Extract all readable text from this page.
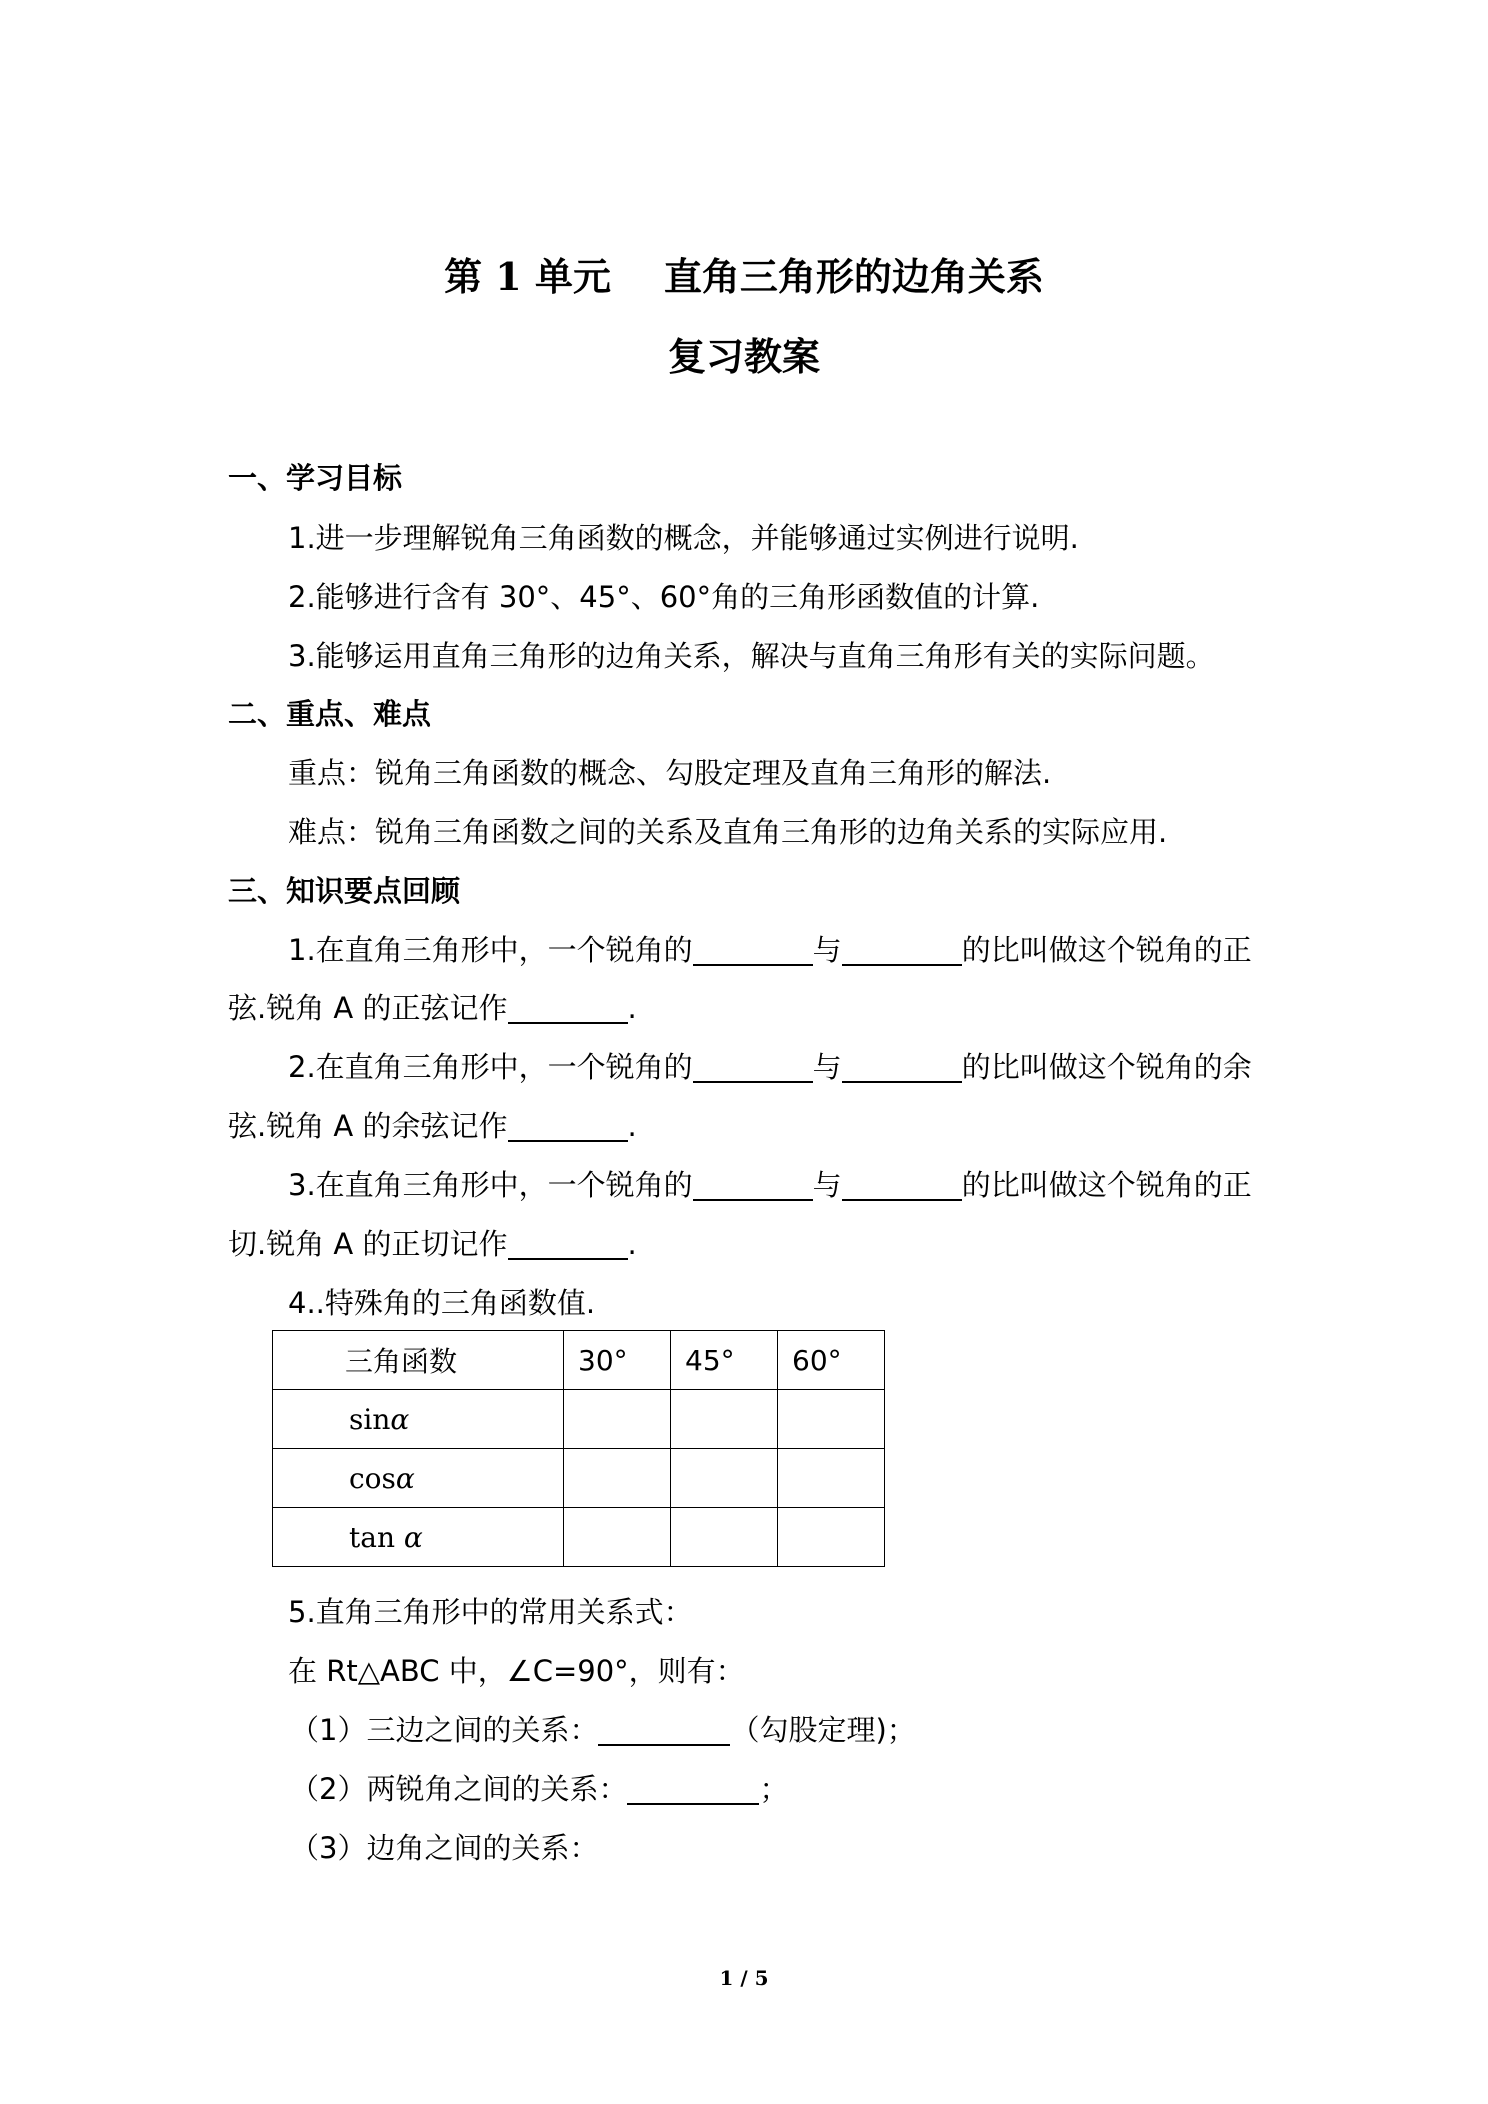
第 1 单元    直角三角形的边角关系
复习教案
一、学习目标
1.进一步理解锐角三角函数的概念，并能够通过实例进行说明.
2.能够进行含有 30°、45°、60°角的三角形函数值的计算.
3.能够运用直角三角形的边角关系，解决与直角三角形有关的实际问题。
二、重点、难点
重点：锐角三角函数的概念、勾股定理及直角三角形的解法.
难点：锐角三角函数之间的关系及直角三角形的边角关系的实际应用.
三、知识要点回顾
1.在直角三角形中，一个锐角的	与	的比叫做这个锐角的正
弦.锐角 A 的正弦记作	.
2.在直角三角形中，一个锐角的	与	的比叫做这个锐角的余
弦.锐角 A 的余弦记作	.
3.在直角三角形中，一个锐角的	与	的比叫做这个锐角的正
切.锐角 A 的正切记作	.
4..特殊角的三角函数值.
三角函数	30°	45°	60°
sinα			
cosα			
tan α			
5.直角三角形中的常用关系式：
在 Rt△ABC 中，∠C=90°，则有：
（1）三边之间的关系：	（勾股定理)；
（2）两锐角之间的关系：	；
（3）边角之间的关系：
1 / 5
